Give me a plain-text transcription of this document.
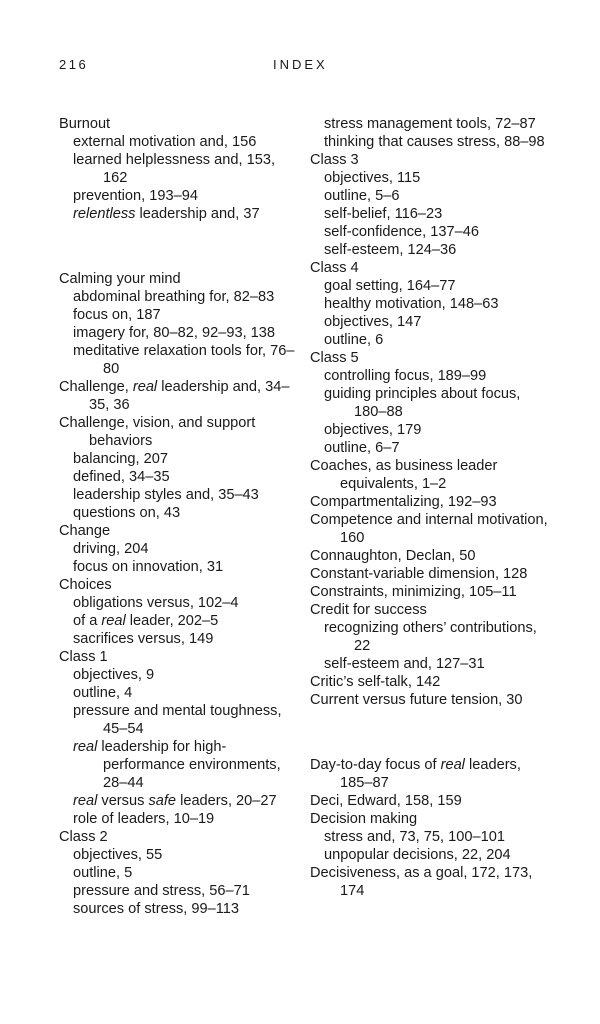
216	INDEX

Burnout

external motivation and, 156

learned helplessness and, 153, 162

prevention, 193–94

relentless leadership and, 37

Calming your mind

abdominal breathing for, 82–83

focus on, 187

imagery for, 80–82, 92–93, 138

meditative relaxation tools for, 76–80

Challenge, real leadership and, 34–35, 36

Challenge, vision, and support behaviors

balancing, 207

defined, 34–35

leadership styles and, 35–43

questions on, 43

Change

driving, 204

focus on innovation, 31

Choices

obligations versus, 102–4

of a real leader, 202–5

sacrifices versus, 149

Class 1

objectives, 9

outline, 4

pressure and mental toughness, 45–54

real leadership for high-performance environments, 28–44

real versus safe leaders, 20–27

role of leaders, 10–19

Class 2

objectives, 55

outline, 5

pressure and stress, 56–71

sources of stress, 99–113

stress management tools, 72–87

thinking that causes stress, 88–98

Class 3

objectives, 115

outline, 5–6

self-belief, 116–23

self-confidence, 137–46

self-esteem, 124–36

Class 4

goal setting, 164–77

healthy motivation, 148–63

objectives, 147

outline, 6

Class 5

controlling focus, 189–99

guiding principles about focus, 180–88

objectives, 179

outline, 6–7

Coaches, as business leader equivalents, 1–2

Compartmentalizing, 192–93

Competence and internal motivation, 160

Connaughton, Declan, 50

Constant-variable dimension, 128

Constraints, minimizing, 105–11

Credit for success

recognizing others’ contributions, 22

self-esteem and, 127–31

Critic’s self-talk, 142

Current versus future tension, 30

Day-to-day focus of real leaders, 185–87

Deci, Edward, 158, 159

Decision making

stress and, 73, 75, 100–101

unpopular decisions, 22, 204

Decisiveness, as a goal, 172, 173, 174
